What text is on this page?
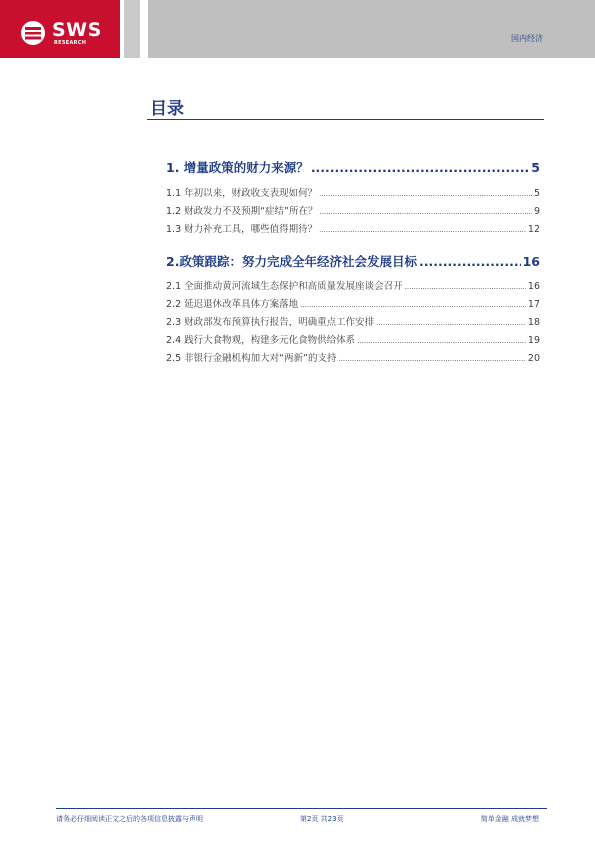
SWS
RESEARCH	国内经济
目录
1. 增量政策的财力来源？ .....	5
1.1 年初以来，财政收支表现如何？ .....	5
1.2 财政发力不及预期“症结”所在？ .....	9
1.3 财力补充工具，哪些值得期待？ .....	12
2.政策跟踪：努力完成全年经济社会发展目标 .....	16
2.1 全面推动黄河流域生态保护和高质量发展座谈会召开 .....	16
2.2 延迟退休改革具体方案落地 .....	17
2.3 财政部发布预算执行报告，明确重点工作安排 .....	18
2.4 践行大食物观，构建多元化食物供给体系 .....	19
2.5 非银行金融机构加大对“两新”的支持 .....	20
请务必仔细阅读正文之后的各项信息披露与声明	第2页 共23页	简单金融 成就梦想
